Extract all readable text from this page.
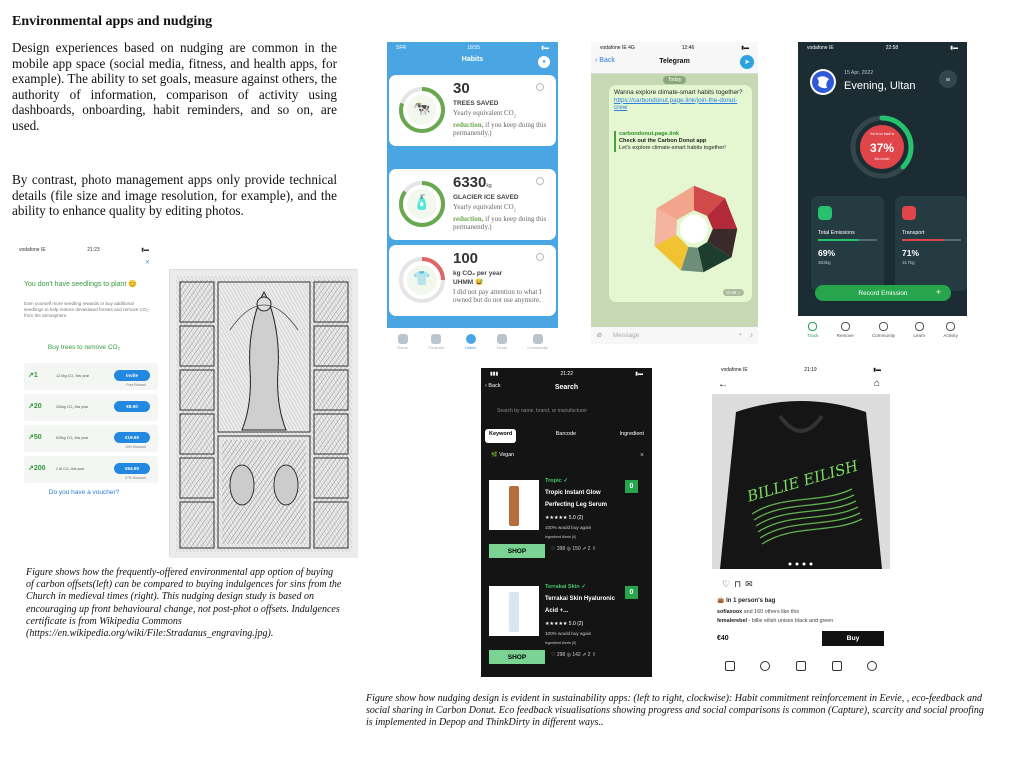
Environmental apps and nudging
Design experiences based on nudging are common in the mobile app space (social media, fitness, and health apps, for example). The ability to set goals, measure against others, the authority of information, comparison of activity using dashboards, onboarding, habit reminders, and so on, are used.
By contrast, photo management apps only provide technical details (file size and image resolution, for example), and the ability to enhance quality by editing photos.
vodafone IE	21:23	▮▬
×
You don't have seedlings to plant 😊
Earn yourself more seedling rewards or buy additional seedlings to help restore devastated forests and remove CO₂ from the atmosphere
Buy trees to remove CO₂
↗1	12.5kg CO₂ this year	Invite
Free Reward
↗20	250kg CO₂ this year	€8.90
↗50	625kg CO₂ this year	€19.90
10% Discount
↗200	2.5t CO₂ this year	€64.90
27% Discount
Do you have a voucher?
SFR	18:55	▮▬
Habits	●
🐄
30
TREES SAVED
Yearly equivalent $CO_2$
reduction, if you keep doing this permanently.)
🧴
6330kg
GLACIER ICE SAVED
Yearly equivalent $CO_2$
reduction, if you keep doing this permanently.)
👕
100
kg CO₂ per year
UHMM 😅
I did not pay attention to what I owned but do not use anymore.
Home	Footprint	Habits	Feast	Community
vodafone IE 4G	12:46	▮▬
‹ Back	Telegram	➤
Today
Wanna explore climate-smart habits together? https://carbondonut.page.link/join-the-donut-crew
carbondonut.page.link
Check out the Carbon Donut app
Let's explore climate-smart habits together!
12:46 ✓
⌀ Message	◔ ♪
vodafone IE	22:58	▮▬
15 Apr, 2022
Evening, Ultan
≡
You're on track to
37%
this month
Total Emissions
69%
363kg
Transport
71%
317kg
Record Emission	+
Track	Remove	Community	Learn	Activity
▮▮▮	21:22	▮▬
‹ Back	Search
Search by name, brand, or manufacturer
Keyword	Barcode	Ingredient
🌿 Vegan	×
Tropic ✓
Tropic Instant Glow Perfecting Leg Serum
0
★★★★★ 5.0 (2)
100% would buy again
Ingredient Alerts (0)
SHOP	♡ 398 ◎ 150 ⇗ 2 ⇧
Terrakai Skin ✓
Terrakai Skin Hyaluronic Acid +...
0
★★★★★ 5.0 (2)
100% would buy again
Ingredient Alerts (0)
SHOP	♡ 298 ◎ 142 ⇗ 2 ⇧
vodafone IE	21:19	▮▬
←	⌂
BILLIE EILISH
♡⊓✉
👜 In 1 person's bag
sofiaxoox and 160 others like this
femalerebel - billie eilish unisex black and green
€40	Buy
Figure shows how the frequently-offered environmental app option of buying of carbon offsets(left) can be compared to buying indulgences for sins from the Church in medieval times (right). This nudging design study is based on encouraging up front behavioural change, not post-phot o offsets. Indulgences certificate is from Wikipedia Commons (https://en.wikipedia.org/wiki/File:Stradanus_engraving.jpg).
Figure show how nudging design is evident in sustainability apps: (left to right, clockwise): Habit commitment reinforcement in Eevie, , eco-feedback and social sharing in Carbon Donut. Eco feedback visualisations showing progress and social comparisons is common (Capture), scarcity and social proofing is implemented in Depop and ThinkDirty in different ways..
